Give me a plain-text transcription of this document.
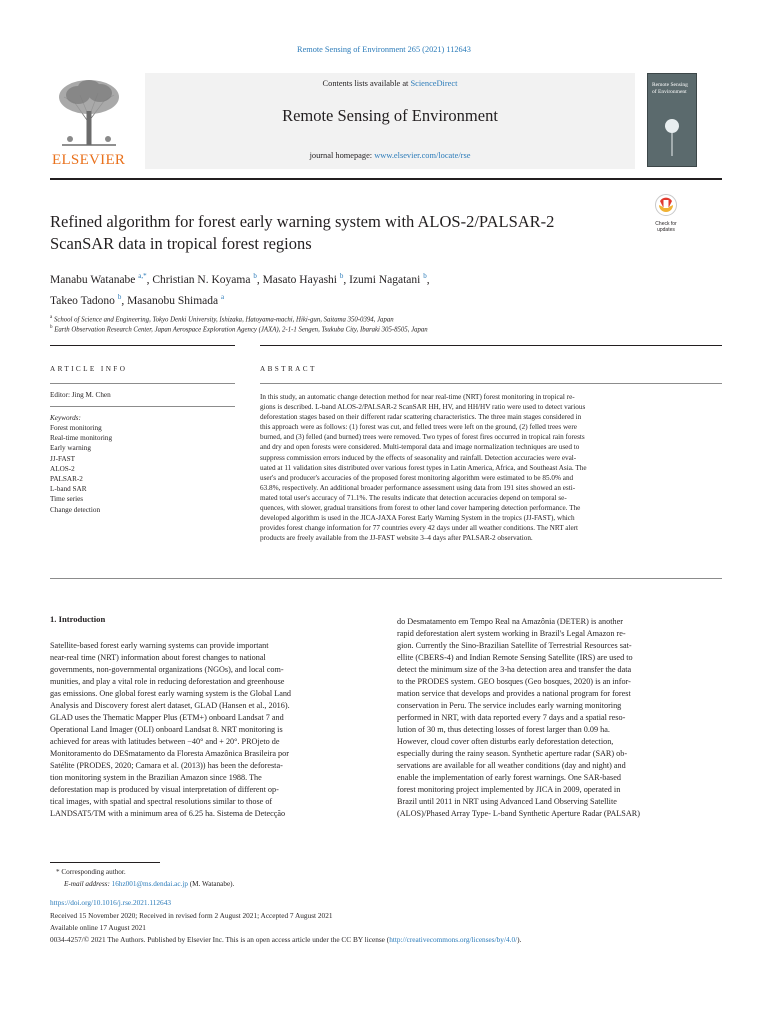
Remote Sensing of Environment 265 (2021) 112643
ELSEVIER
Contents lists available at ScienceDirect
Remote Sensing of Environment
journal homepage: www.elsevier.com/locate/rse
Remote Sensing of Environment
Refined algorithm for forest early warning system with ALOS-2/PALSAR-2
ScanSAR data in tropical forest regions
Check for
updates
Manabu Watanabe $^{a,*}$, Christian N. Koyama $^b$, Masato Hayashi $^b$, Izumi Nagatani $^b$,
Takeo Tadono $^b$, Masanobu Shimada $^a$
$^a$ School of Science and Engineering, Tokyo Denki University, Ishizaka, Hatoyama-machi, Hiki-gun, Saitama 350-0394, Japan
$^b$ Earth Observation Research Center, Japan Aerospace Exploration Agency (JAXA), 2-1-1 Sengen, Tsukuba City, Ibaraki 305-8505, Japan
ARTICLE INFO	ABSTRACT
Editor: Jing M. Chen
Keywords:
Forest monitoring
Real-time monitoring
Early warning
JJ-FAST
ALOS-2
PALSAR-2
L-band SAR
Time series
Change detection
In this study, an automatic change detection method for near real-time (NRT) forest monitoring in tropical re-
gions is described. L-band ALOS-2/PALSAR-2 ScanSAR HH, HV, and HH/HV ratio were used to detect various
deforestation stages based on their different radar scattering characteristics. The three main stages considered in
this approach were as follows: (1) forest was cut, and felled trees were left on the ground, (2) felled trees were
burned, and (3) felled (and burned) trees were removed. Two types of forest fires occurred in tropical rain forests
and dry and open forests were considered. Multi-temporal data and image normalization techniques are used to
suppress commission errors induced by the effects of seasonality and rainfall. Detection accuracies were eval-
uated at 11 validation sites distributed over various forest types in Latin America, Africa, and Southeast Asia. The
user's and producer's accuracies of the proposed forest monitoring algorithm were estimated to be 85.0% and
63.8%, respectively. An additional broader performance assessment using data from 191 sites showed an esti-
mated total user's accuracy of 71.1%. The results indicate that detection accuracies depend on temporal se-
quences, with slower, gradual transitions from forest to other land cover hampering detection performance. The
developed algorithm is used in the JICA-JAXA Forest Early Warning System in the tropics (JJ-FAST), which
provides forest change information for 77 countries every 42 days under all weather conditions. The NRT alert
products are freely available from the JJ-FAST website 3–4 days after PALSAR-2 observation.
1. Introduction
Satellite-based forest early warning systems can provide important
near-real time (NRT) information about forest changes to national
governments, non-governmental organizations (NGOs), and local com-
munities, and play a vital role in reducing deforestation and greenhouse
gas emissions. One global forest early warning system is the Global Land
Analysis and Discovery forest alert dataset, GLAD (Hansen et al., 2016).
GLAD uses the Thematic Mapper Plus (ETM+) onboard Landsat 7 and
Operational Land Imager (OLI) onboard Landsat 8. NRT monitoring is
achieved for areas with latitudes between −40° and + 20°. PROjeto de
Monitoramento do DESmatamento da Floresta Amazônica Brasileira por
Satélite (PRODES, 2020; Camara et al. (2013)) has been the deforesta-
tion monitoring system in the Brazilian Amazon since 1988. The
deforestation map is produced by visual interpretation of different op-
tical images, with spatial and spectral resolutions similar to those of
LANDSAT5/TM with a minimum area of 6.25 ha. Sistema de Detecção
do Desmatamento em Tempo Real na Amazônia (DETER) is another
rapid deforestation alert system working in Brazil's Legal Amazon re-
gion. Currently the Sino-Brazilian Satellite of Terrestrial Resources sat-
ellite (CBERS-4) and Indian Remote Sensing Satellite (IRS) are used to
detect the minimum size of the 3-ha detection area and transfer the data
to the PRODES system. GEO bosques (Geo bosques, 2020) is an infor-
mation service that develops and provides a national program for forest
conservation in Peru. The service includes early warning monitoring
performed in NRT, with data reported every 7 days and a spatial reso-
lution of 30 m, thus detecting losses of forest larger than 0.09 ha.
However, cloud cover often disturbs early deforestation detection,
especially during the rainy season. Synthetic aperture radar (SAR) ob-
servations are available for all weather conditions (day and night) and
enable the implementation of early forest warnings. One SAR-based
forest monitoring project implemented by JICA in 2009, operated in
Brazil until 2011 in NRT using Advanced Land Observing Satellite
(ALOS)/Phased Array Type- L-band Synthetic Aperture Radar (PALSAR)
* Corresponding author.
E-mail address: 16hz001@ms.dendai.ac.jp (M. Watanabe).
https://doi.org/10.1016/j.rse.2021.112643
Received 15 November 2020; Received in revised form 2 August 2021; Accepted 7 August 2021
Available online 17 August 2021
0034-4257/© 2021 The Authors. Published by Elsevier Inc. This is an open access article under the CC BY license (http://creativecommons.org/licenses/by/4.0/).
